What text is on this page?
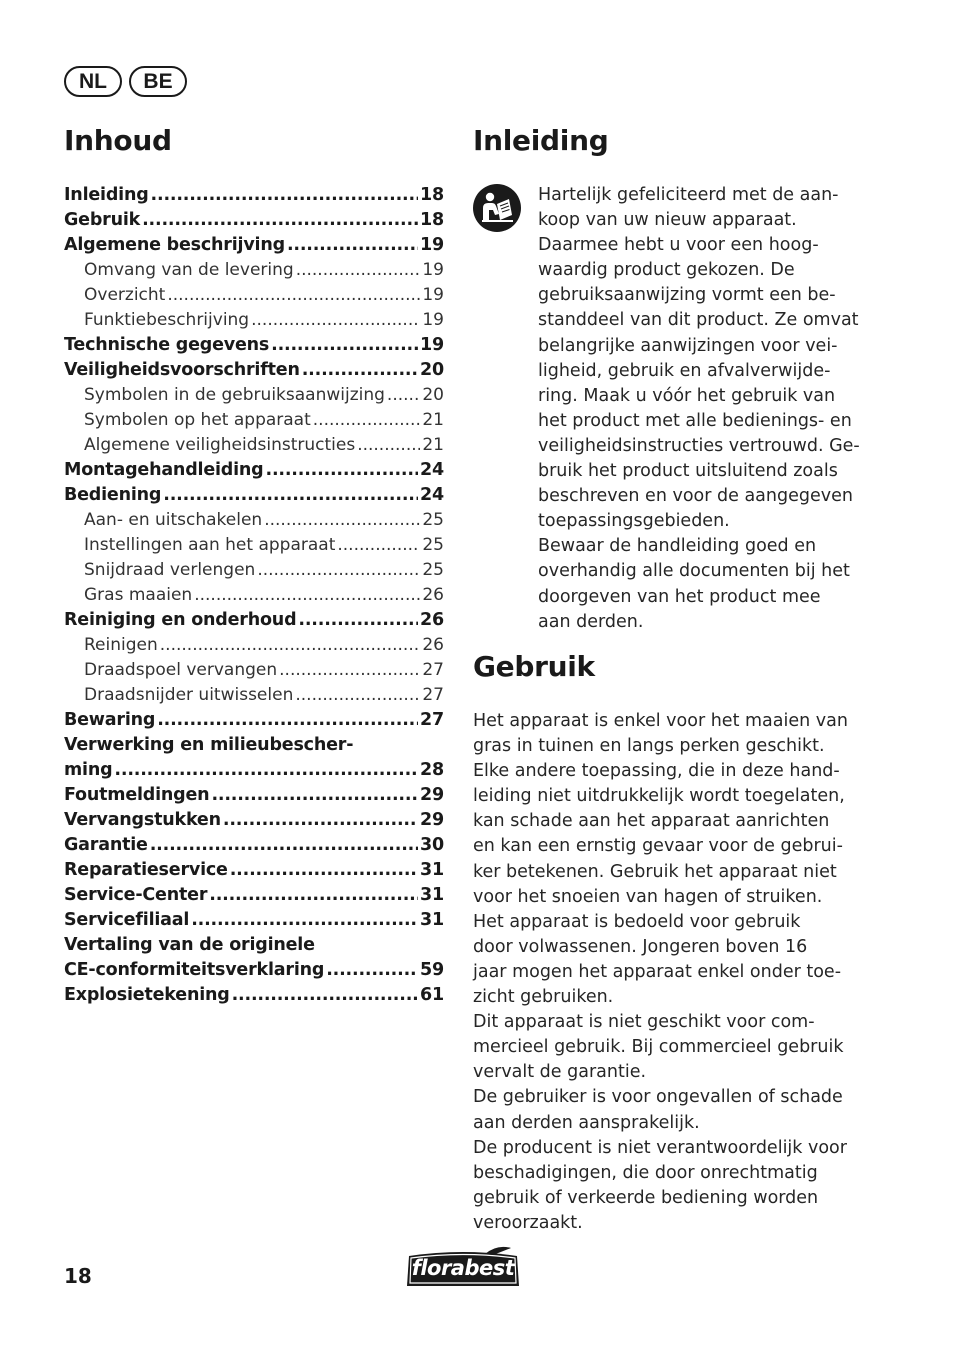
NL	BE
Inhoud
Inleiding .....	18
Gebruik .....	18
Algemene beschrijving .....	19
Omvang van de levering .....	19
Overzicht .....	19
Funktiebeschrijving .....	19
Technische gegevens .....	19
Veiligheidsvoorschriften .....	20
Symbolen in de gebruiksaanwijzing ..... 20
Symbolen op het apparaat .....	21
Algemene veiligheidsinstructies .....	21
Montagehandleiding .....	24
Bediening .....	24
Aan- en uitschakelen .....	25
Instellingen aan het apparaat .....	25
Snijdraad verlengen .....	25
Gras maaien .....	26
Reiniging en onderhoud .....	26
Reinigen .....	26
Draadspoel vervangen .....	27
Draadsnijder uitwisselen .....	27
Bewaring .....	27
Verwerking en milieubescher-
ming .....	28
Foutmeldingen .....	29
Vervangstukken .....	29
Garantie .....	30
Reparatieservice .....	31
Service-Center .....	31
Servicefiliaal .....	31
Vertaling van de originele
CE-conformiteitsverklaring .....	59
Explosietekening .....	61
Inleiding
Hartelijk gefeliciteerd met de aan-
koop van uw nieuw apparaat.
Daarmee hebt u voor een hoog-
waardig product gekozen. De
gebruiksaanwijzing vormt een be-
standdeel van dit product. Ze omvat
belangrijke aanwijzingen voor vei-
ligheid, gebruik en afvalverwijde-
ring. Maak u vóór het gebruik van
het product met alle bedienings- en
veiligheidsinstructies vertrouwd. Ge-
bruik het product uitsluitend zoals
beschreven en voor de aangegeven
toepassingsgebieden.
Bewaar de handleiding goed en
overhandig alle documenten bij het
doorgeven van het product mee
aan derden.
Gebruik
Het apparaat is enkel voor het maaien van
gras in tuinen en langs perken geschikt.
Elke andere toepassing, die in deze hand-
leiding niet uitdrukkelijk wordt toegelaten,
kan schade aan het apparaat aanrichten
en kan een ernstig gevaar voor de gebrui-
ker betekenen. Gebruik het apparaat niet
voor het snoeien van hagen of struiken.
Het apparaat is bedoeld voor gebruik
door volwassenen. Jongeren boven 16
jaar mogen het apparaat enkel onder toe-
zicht gebruiken.
Dit apparaat is niet geschikt voor com-
mercieel gebruik. Bij commercieel gebruik
vervalt de garantie.
De gebruiker is voor ongevallen of schade
aan derden aansprakelijk.
De producent is niet verantwoordelijk voor
beschadigingen, die door onrechtmatig
gebruik of verkeerde bediening worden
veroorzaakt.
18	florabest
